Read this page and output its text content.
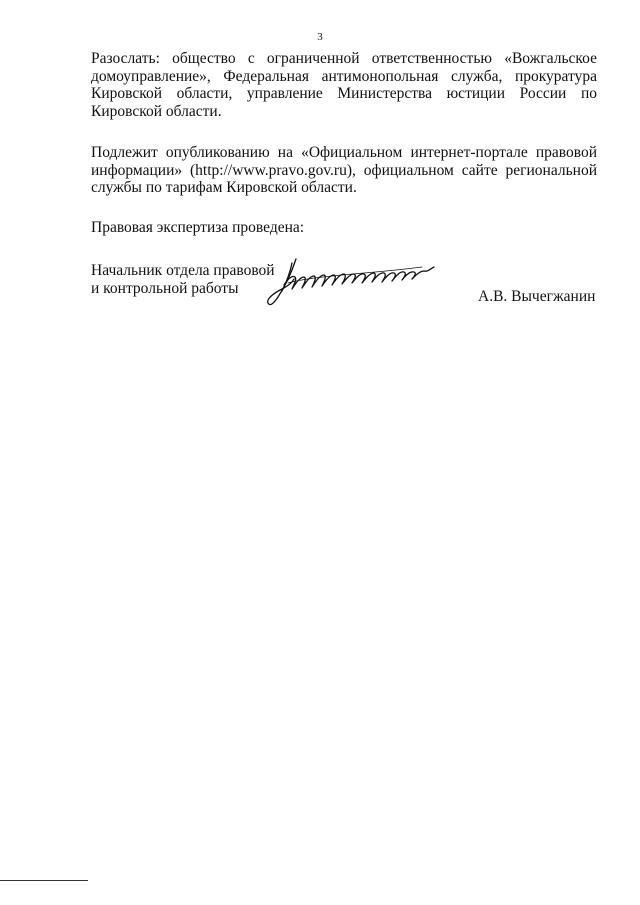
3
Разослать: общество с ограниченной ответственностью «Вожгальское
домоуправление», Федеральная антимонопольная служба, прокуратура
Кировской области, управление Министерства юстиции России по
Кировской области.
Подлежит опубликованию на «Официальном интернет-портале правовой
информации» (http://www.pravo.gov.ru), официальном сайте региональной
службы по тарифам Кировской области.
Правовая экспертиза проведена:
Начальник отдела правовой
и контрольной работы	А.В. Вычегжанин
